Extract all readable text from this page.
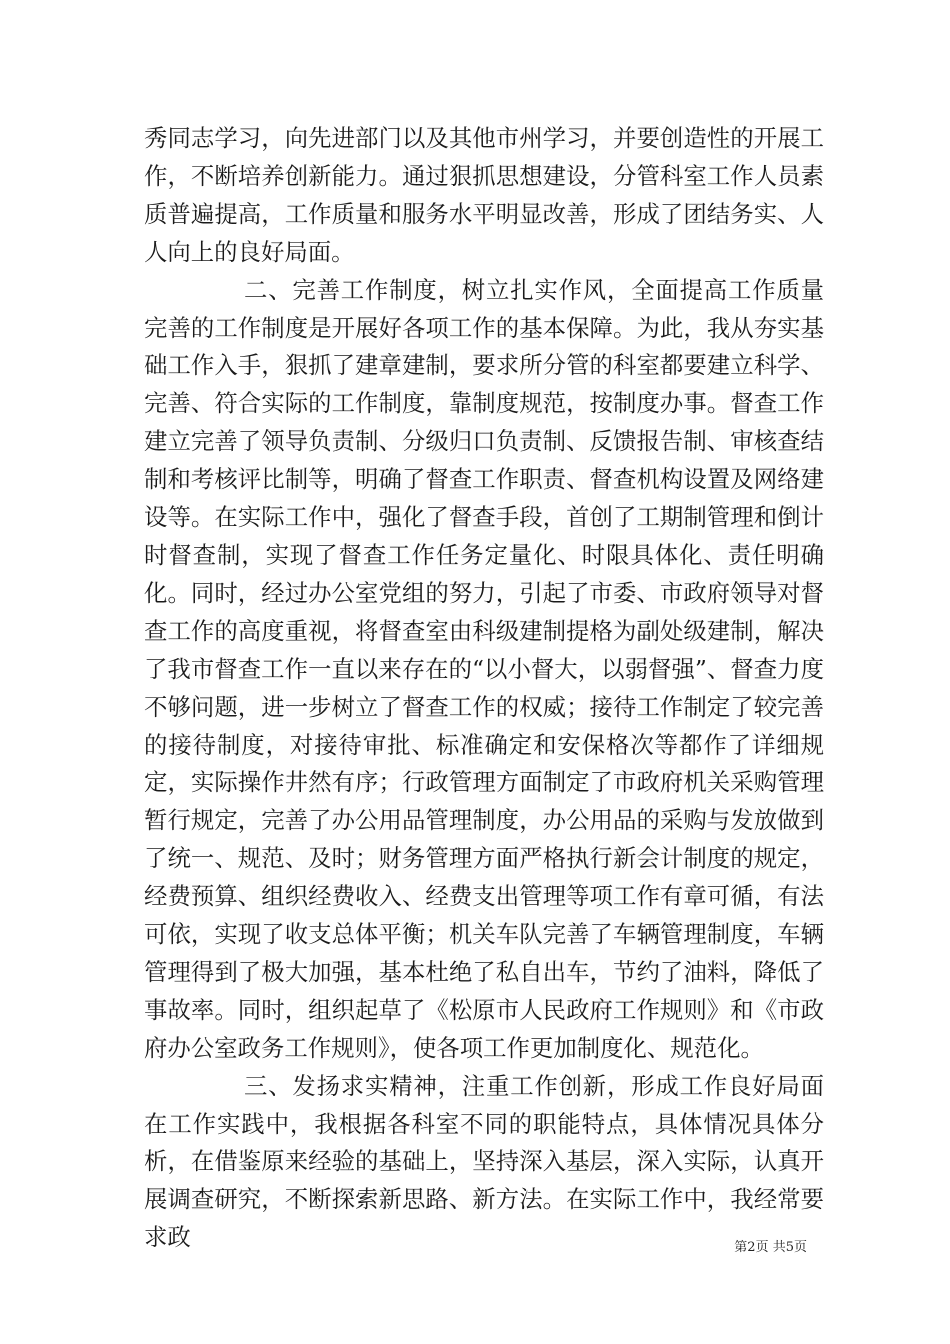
秀同志学习，向先进部门以及其他市州学习，并要创造性的开展工作，不断培养创新能力。通过狠抓思想建设，分管科室工作人员素质普遍提高，工作质量和服务水平明显改善，形成了团结务实、人人向上的良好局面。

二、完善工作制度，树立扎实作风，全面提高工作质量完善的工作制度是开展好各项工作的基本保障。为此，我从夯实基础工作入手，狠抓了建章建制，要求所分管的科室都要建立科学、完善、符合实际的工作制度，靠制度规范，按制度办事。督查工作建立完善了领导负责制、分级归口负责制、反馈报告制、审核查结制和考核评比制等，明确了督查工作职责、督查机构设置及网络建设等。在实际工作中，强化了督查手段，首创了工期制管理和倒计时督查制，实现了督查工作任务定量化、时限具体化、责任明确化。同时，经过办公室党组的努力，引起了市委、市政府领导对督查工作的高度重视，将督查室由科级建制提格为副处级建制，解决了我市督查工作一直以来存在的“以小督大，以弱督强”、督查力度不够问题，进一步树立了督查工作的权威；接待工作制定了较完善的接待制度，对接待审批、标准确定和安保格次等都作了详细规定，实际操作井然有序；行政管理方面制定了市政府机关采购管理暂行规定，完善了办公用品管理制度，办公用品的采购与发放做到了统一、规范、及时；财务管理方面严格执行新会计制度的规定，经费预算、组织经费收入、经费支出管理等项工作有章可循，有法可依，实现了收支总体平衡；机关车队完善了车辆管理制度，车辆管理得到了极大加强，基本杜绝了私自出车，节约了油料，降低了事故率。同时，组织起草了《松原市人民政府工作规则》和《市政府办公室政务工作规则》，使各项工作更加制度化、规范化。

三、发扬求实精神，注重工作创新，形成工作良好局面在工作实践中，我根据各科室不同的职能特点，具体情况具体分析，在借鉴原来经验的基础上，坚持深入基层，深入实际，认真开展调查研究，不断探索新思路、新方法。在实际工作中，我经常要求政	第2页 共5页
